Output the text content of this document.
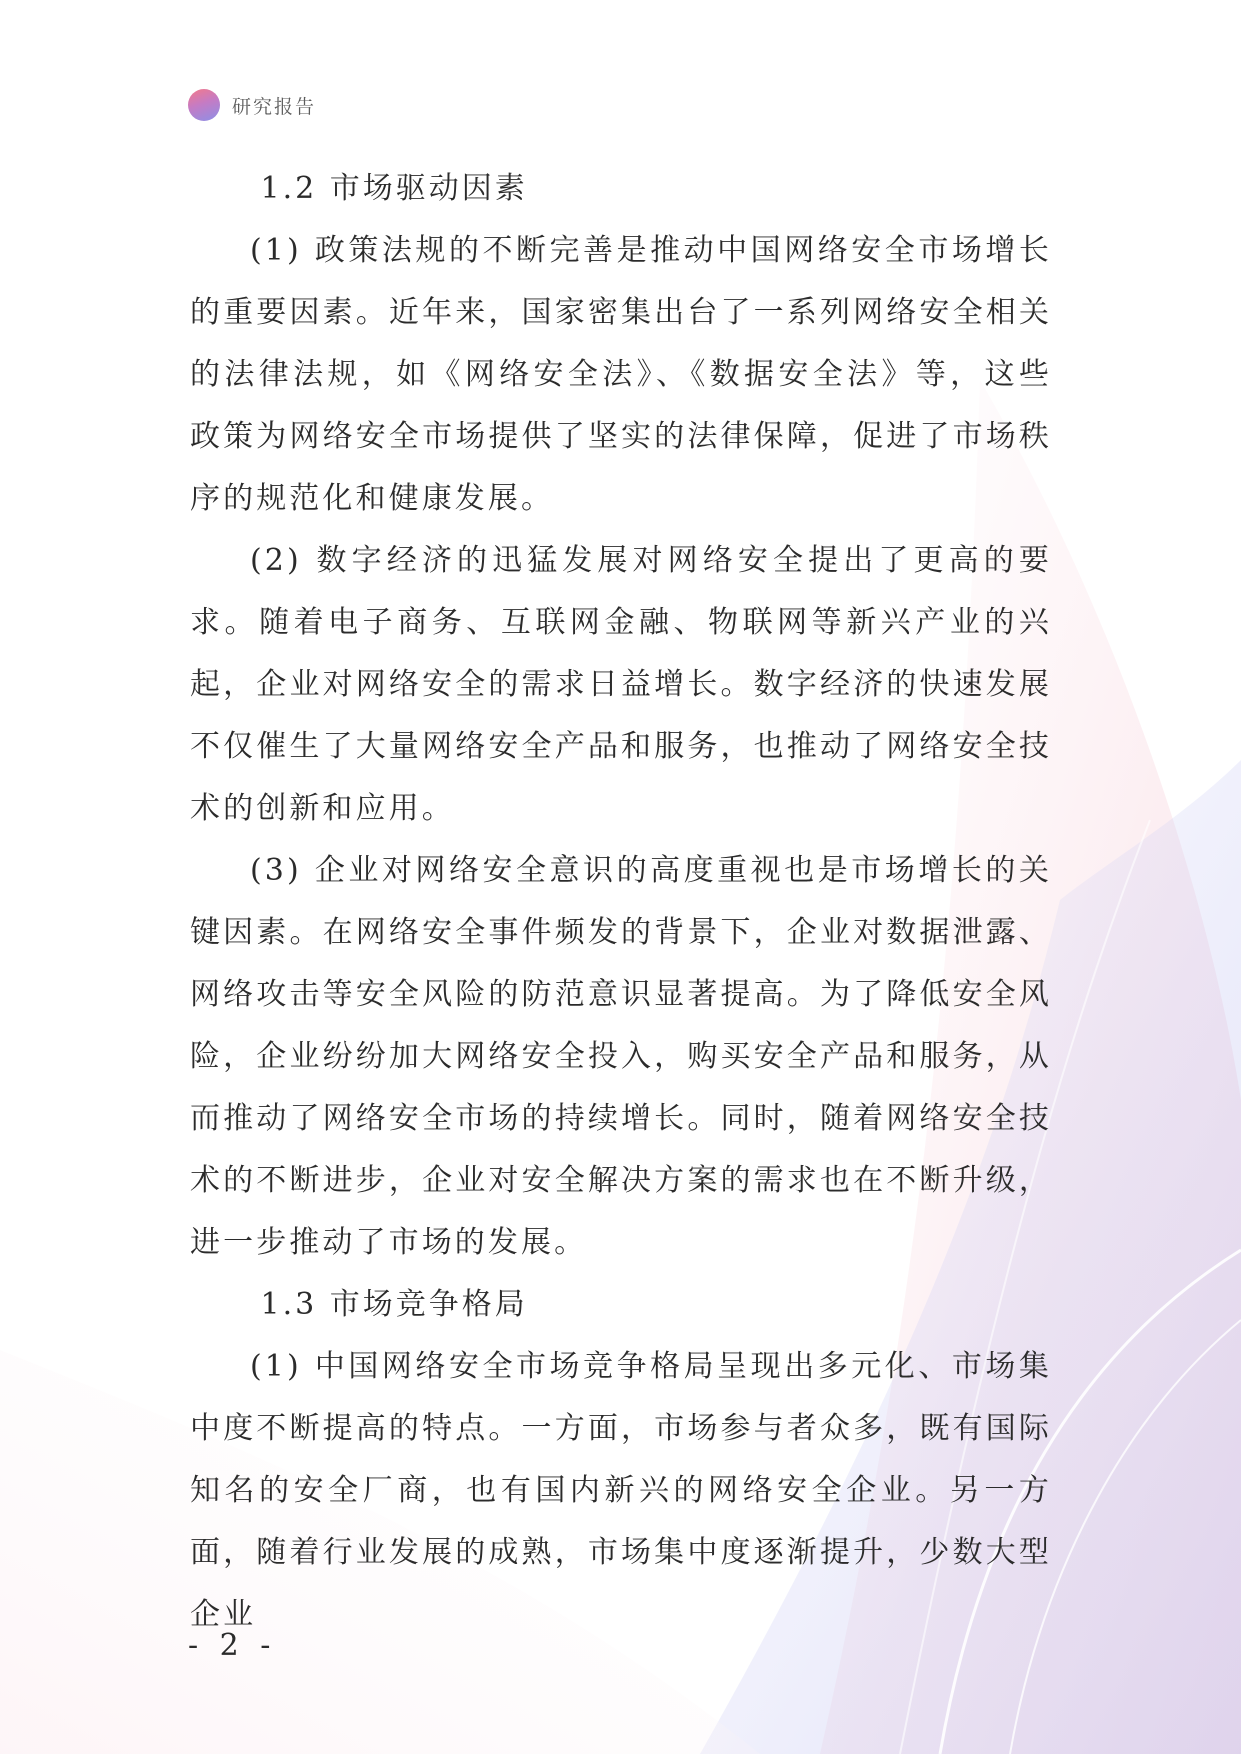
研究报告
1.2 市场驱动因素

(1) 政策法规的不断完善是推动中国网络安全市场增长的重要因素。近年来，国家密集出台了一系列网络安全相关的法律法规，如《网络安全法》、《数据安全法》等，这些政策为网络安全市场提供了坚实的法律保障，促进了市场秩序的规范化和健康发展。

(2) 数字经济的迅猛发展对网络安全提出了更高的要求。随着电子商务、互联网金融、物联网等新兴产业的兴起，企业对网络安全的需求日益增长。数字经济的快速发展不仅催生了大量网络安全产品和服务，也推动了网络安全技术的创新和应用。

(3) 企业对网络安全意识的高度重视也是市场增长的关键因素。在网络安全事件频发的背景下，企业对数据泄露、网络攻击等安全风险的防范意识显著提高。为了降低安全风险，企业纷纷加大网络安全投入，购买安全产品和服务，从而推动了网络安全市场的持续增长。同时，随着网络安全技术的不断进步，企业对安全解决方案的需求也在不断升级，进一步推动了市场的发展。

1.3 市场竞争格局

(1) 中国网络安全市场竞争格局呈现出多元化、市场集中度不断提高的特点。一方面，市场参与者众多，既有国际知名的安全厂商，也有国内新兴的网络安全企业。另一方面，随着行业发展的成熟，市场集中度逐渐提升，少数大型企业

- 2 -
